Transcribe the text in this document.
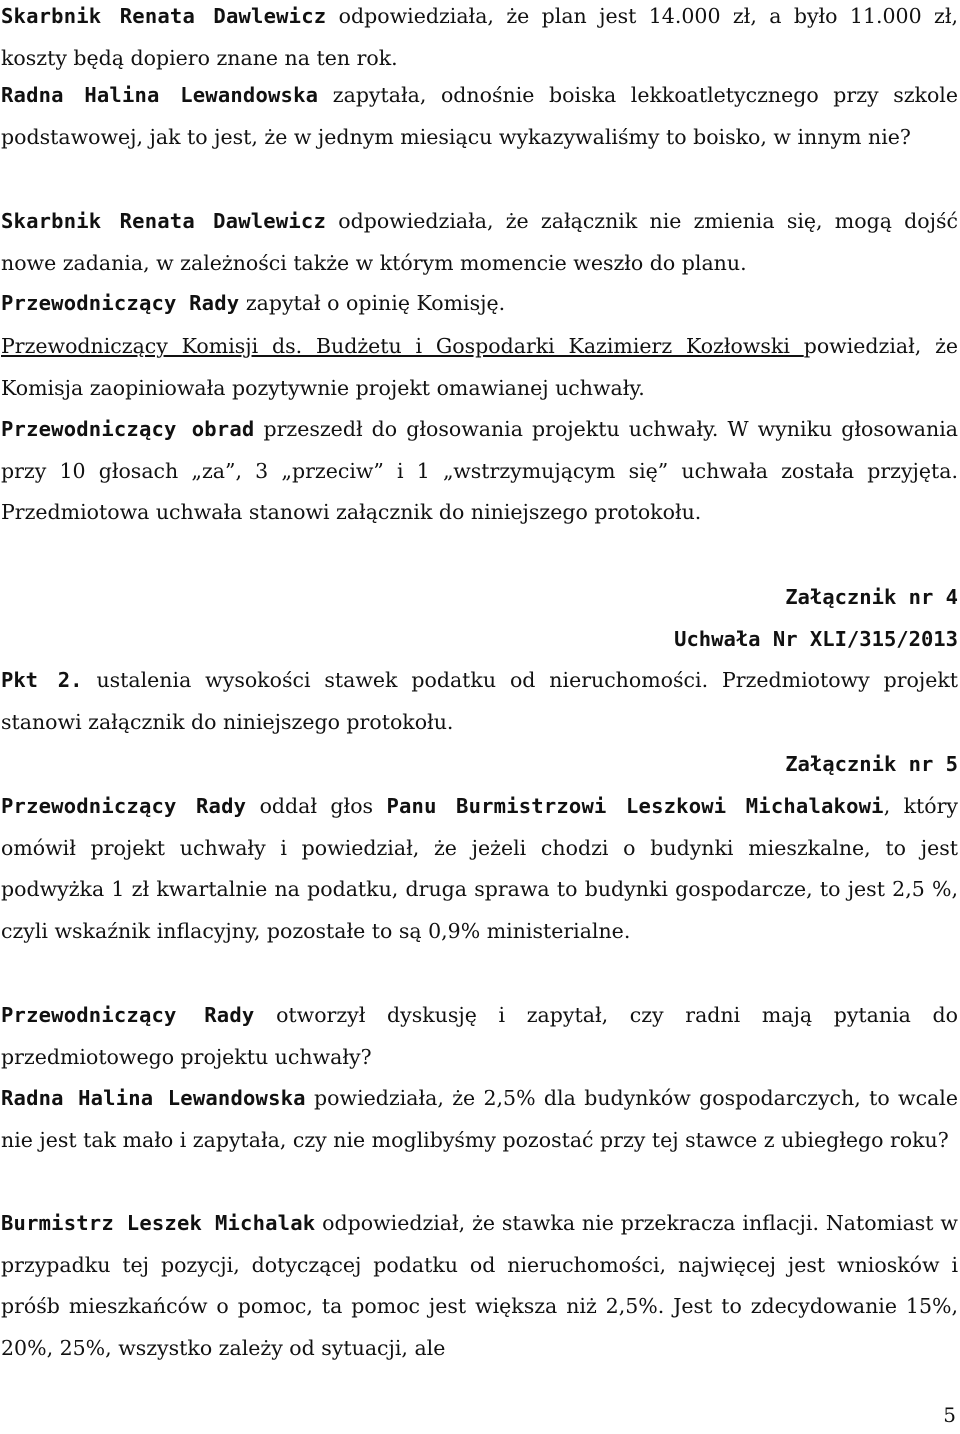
Skarbnik Renata Dawlewicz odpowiedziała, że plan jest 14.000 zł, a było 11.000 zł, koszty będą dopiero znane na ten rok.

Radna Halina Lewandowska zapytała, odnośnie boiska lekkoatletycznego przy szkole podstawowej, jak to jest, że w jednym miesiącu wykazywaliśmy to boisko, w innym nie?

Skarbnik Renata Dawlewicz odpowiedziała, że załącznik nie zmienia się, mogą dojść nowe zadania, w zależności także w którym momencie weszło do planu.

Przewodniczący Rady zapytał o opinię Komisję.

Przewodniczący Komisji ds. Budżetu i Gospodarki Kazimierz Kozłowski powiedział, że Komisja zaopiniowała pozytywnie projekt omawianej uchwały.

Przewodniczący obrad przeszedł do głosowania projektu uchwały. W wyniku głosowania przy 10 głosach „za”, 3 „przeciw” i 1 „wstrzymującym się” uchwała została przyjęta. Przedmiotowa uchwała stanowi załącznik do niniejszego protokołu.

Załącznik nr 4

Uchwała Nr XLI/315/2013

Pkt 2. ustalenia wysokości stawek podatku od nieruchomości. Przedmiotowy projekt stanowi załącznik do niniejszego protokołu.

Załącznik nr 5

Przewodniczący Rady oddał głos Panu Burmistrzowi Leszkowi Michalakowi, który omówił projekt uchwały i powiedział, że jeżeli chodzi o budynki mieszkalne, to jest podwyżka 1 zł kwartalnie na podatku, druga sprawa to budynki gospodarcze, to jest 2,5 %, czyli wskaźnik inflacyjny, pozostałe to są 0,9% ministerialne.

Przewodniczący Rady otworzył dyskusję i zapytał, czy radni mają pytania do przedmiotowego projektu uchwały?

Radna Halina Lewandowska powiedziała, że 2,5% dla budynków gospodarczych, to wcale nie jest tak mało i zapytała, czy nie moglibyśmy pozostać przy tej stawce z ubiegłego roku?

Burmistrz Leszek Michalak odpowiedział, że stawka nie przekracza inflacji. Natomiast w przypadku tej pozycji, dotyczącej podatku od nieruchomości, najwięcej jest wniosków i próśb mieszkańców o pomoc, ta pomoc jest większa niż 2,5%. Jest to zdecydowanie 15%, 20%, 25%, wszystko zależy od sytuacji, ale

5
